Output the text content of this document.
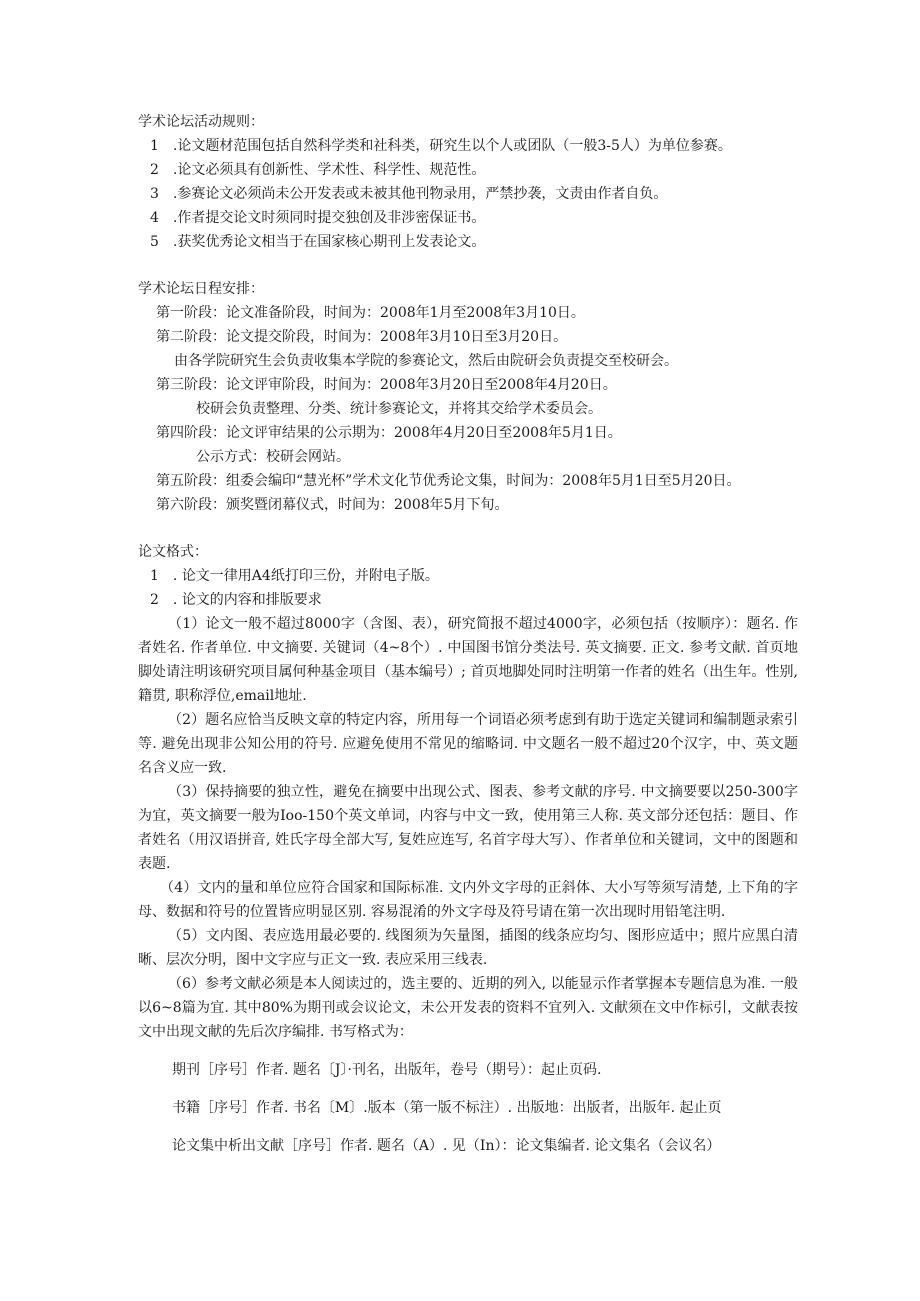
学术论坛活动规则：

1　.论文题材范围包括自然科学类和社科类，研究生以个人或团队（一般3-5人）为单位参赛。

2　.论文必须具有创新性、学术性、科学性、规范性。

3　.参赛论文必须尚未公开发表或未被其他刊物录用，严禁抄袭，文责由作者自负。

4　.作者提交论文时须同时提交独创及非涉密保证书。

5　.获奖优秀论文相当于在国家核心期刊上发表论文。

学术论坛日程安排：

第一阶段：论文准备阶段，时间为：2008年1月至2008年3月10日。

第二阶段：论文提交阶段，时间为：2008年3月10日至3月20日。

由各学院研究生会负责收集本学院的参赛论文，然后由院研会负责提交至校研会。

第三阶段：论文评审阶段，时间为：2008年3月20日至2008年4月20日。

校研会负责整理、分类、统计参赛论文，并将其交给学术委员会。

第四阶段：论文评审结果的公示期为：2008年4月20日至2008年5月1日。

公示方式：校研会网站。

第五阶段：组委会编印“慧光杯”学术文化节优秀论文集，时间为：2008年5月1日至5月20日。

第六阶段：颁奖暨闭幕仪式，时间为：2008年5月下旬。

论文格式：

1　. 论文一律用A4纸打印三份，并附电子版。

2　. 论文的内容和排版要求

（1）论文一般不超过8000字（含图、表），研究简报不超过4000字，必须包括（按顺序）：题名. 作者姓名. 作者单位. 中文摘要. 关键词（4~8个）. 中国图书馆分类法号. 英文摘要. 正文. 参考文献. 首页地脚处请注明该研究项目属何种基金项目（基本编号）; 首页地脚处同时注明第一作者的姓名（出生年。性别, 籍贯, 职称浮位,email地址.

（2）题名应恰当反映文章的特定内容，所用每一个词语必须考虑到有助于选定关键词和编制题录索引等. 避免出现非公知公用的符号. 应避免使用不常见的缩略词. 中文题名一般不超过20个汉字，中、英文题名含义应一致.

（3）保持摘要的独立性，避免在摘要中出现公式、图表、参考文献的序号. 中文摘要要以250-300字为宜，英文摘要一般为Ioo-150个英文单词，内容与中文一致，使用第三人称. 英文部分还包括：题目、作者姓名（用汉语拼音, 姓氏字母全部大写, 复姓应连写, 名首字母大写）、作者单位和关键词，文中的图题和表题.

（4）文内的量和单位应符合国家和国际标准. 文内外文字母的正斜体、大小写等须写清楚, 上下角的字母、数据和符号的位置皆应明显区别. 容易混淆的外文字母及符号请在第一次出现时用铅笔注明.

（5）文内图、表应选用最必要的. 线图须为矢量图，插图的线条应均匀、图形应适中；照片应黑白清晰、层次分明，图中文字应与正文一致. 表应采用三线表.

（6）参考文献必须是本人阅读过的，选主要的、近期的列入, 以能显示作者掌握本专题信息为准. 一般以6~8篇为宜. 其中80%为期刊或会议论文，未公开发表的资料不宜列入. 文献须在文中作标引，文献表按文中出现文献的先后次序编排. 书写格式为：

期刊［序号］作者. 题名〔J〕·刊名，出版年，卷号（期号）：起止页码.

书籍［序号］作者. 书名〔M〕.版本（第一版不标注）. 出版地：出版者，出版年. 起止页

论文集中析出文献［序号］作者. 题名（A）. 见（In）：论文集编者. 论文集名（会议名）
